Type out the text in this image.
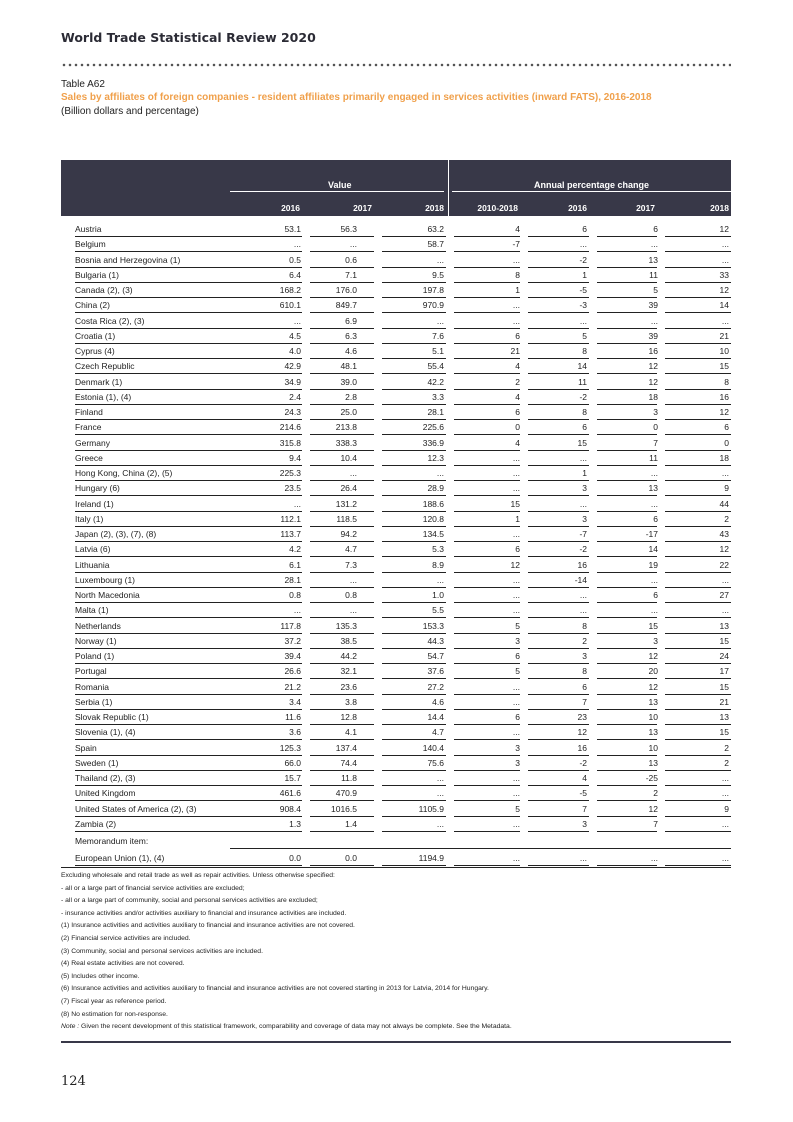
World Trade Statistical Review 2020
Table A62
Sales by affiliates of foreign companies - resident affiliates primarily engaged in services activities (inward FATS), 2016-2018
(Billion dollars and percentage)
Value	Annual percentage change
2016	2017	2018	2010-2018	2016	2017	2018
Austria	53.1	56.3	63.2	4	6	6	12
Belgium	...	...	58.7	-7	...	...	...
Bosnia and Herzegovina (1)	0.5	0.6	...	...	-2	13	...
Bulgaria (1)	6.4	7.1	9.5	8	1	11	33
Canada (2), (3)	168.2	176.0	197.8	1	-5	5	12
China (2)	610.1	849.7	970.9	...	-3	39	14
Costa Rica (2), (3)	...	6.9	...	...	...	...	...
Croatia (1)	4.5	6.3	7.6	6	5	39	21
Cyprus (4)	4.0	4.6	5.1	21	8	16	10
Czech Republic	42.9	48.1	55.4	4	14	12	15
Denmark (1)	34.9	39.0	42.2	2	11	12	8
Estonia (1), (4)	2.4	2.8	3.3	4	-2	18	16
Finland	24.3	25.0	28.1	6	8	3	12
France	214.6	213.8	225.6	0	6	0	6
Germany	315.8	338.3	336.9	4	15	7	0
Greece	9.4	10.4	12.3	...	...	11	18
Hong Kong, China (2), (5)	225.3	...	...	...	1	...	...
Hungary (6)	23.5	26.4	28.9	...	3	13	9
Ireland (1)	...	131.2	188.6	15	...	...	44
Italy (1)	112.1	118.5	120.8	1	3	6	2
Japan (2), (3), (7), (8)	113.7	94.2	134.5	...	-7	-17	43
Latvia (6)	4.2	4.7	5.3	6	-2	14	12
Lithuania	6.1	7.3	8.9	12	16	19	22
Luxembourg (1)	28.1	...	...	...	-14	...	...
North Macedonia	0.8	0.8	1.0	...	...	6	27
Malta (1)	...	...	5.5	...	...	...	...
Netherlands	117.8	135.3	153.3	5	8	15	13
Norway (1)	37.2	38.5	44.3	3	2	3	15
Poland (1)	39.4	44.2	54.7	6	3	12	24
Portugal	26.6	32.1	37.6	5	8	20	17
Romania	21.2	23.6	27.2	...	6	12	15
Serbia (1)	3.4	3.8	4.6	...	7	13	21
Slovak Republic (1)	11.6	12.8	14.4	6	23	10	13
Slovenia (1), (4)	3.6	4.1	4.7	...	12	13	15
Spain	125.3	137.4	140.4	3	16	10	2
Sweden (1)	66.0	74.4	75.6	3	-2	13	2
Thailand (2), (3)	15.7	11.8	...	...	4	-25	...
United Kingdom	461.6	470.9	...	...	-5	2	...
United States of America (2), (3)	908.4	1016.5	1105.9	5	7	12	9
Zambia (2)	1.3	1.4	...	...	3	7	...
Memorandum item:
European Union (1), (4)	0.0	0.0	1194.9	...	...	...	...
Excluding wholesale and retail trade as well as repair activities. Unless otherwise specified:
- all or a large part of financial service activities are excluded;
- all or a large part of community, social and personal services activities are excluded;
- insurance activities and/or activities auxiliary to financial and insurance activities are included.
(1) Insurance activities and activities auxiliary to financial and insurance activities are not covered.
(2) Financial service activities are included.
(3) Community, social and personal services activities are included.
(4) Real estate activities are not covered.
(5) Includes other income.
(6) Insurance activities and activities auxiliary to financial and insurance activities are not covered starting in 2013 for Latvia, 2014 for Hungary.
(7) Fiscal year as reference period.
(8) No estimation for non-response.
Note : Given the recent development of this statistical framework, comparability and coverage of data may not always be complete. See the Metadata.
124
